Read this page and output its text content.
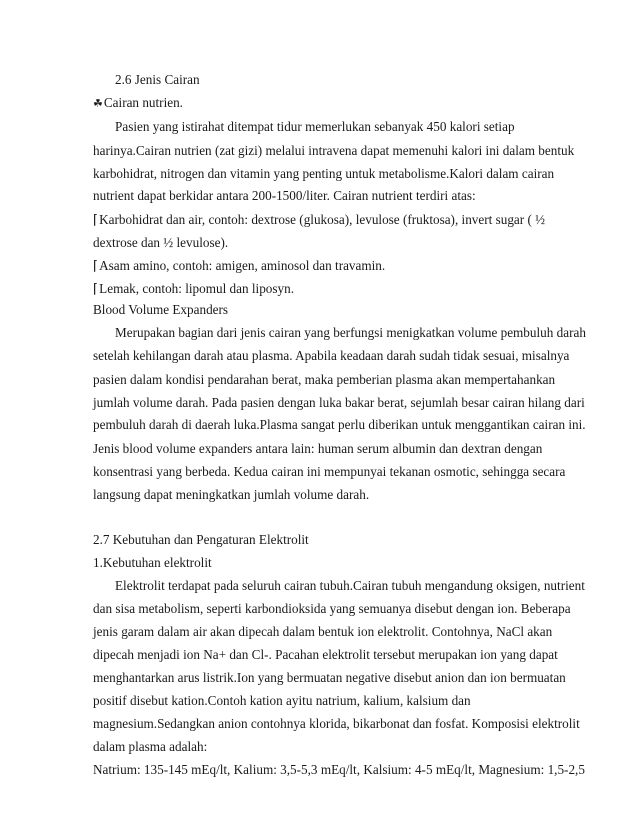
2.6 Jenis Cairan
☘Cairan nutrien.
Pasien yang istirahat ditempat tidur memerlukan sebanyak 450 kalori setiap
harinya.Cairan nutrien (zat gizi) melalui intravena dapat memenuhi kalori ini dalam bentuk
karbohidrat, nitrogen dan vitamin yang penting untuk metabolisme.Kalori dalam cairan
nutrient dapat berkidar antara 200-1500/liter. Cairan nutrient terdiri atas:
⌈Karbohidrat dan air, contoh: dextrose (glukosa), levulose (fruktosa), invert sugar ( ½
dextrose dan ½ levulose).
⌈Asam amino, contoh: amigen, aminosol dan travamin.
⌈Lemak, contoh: lipomul dan liposyn.
Blood Volume Expanders
Merupakan bagian dari jenis cairan yang berfungsi menigkatkan volume pembuluh darah
setelah kehilangan darah atau plasma. Apabila keadaan darah sudah tidak sesuai, misalnya
pasien dalam kondisi pendarahan berat, maka pemberian plasma akan mempertahankan
jumlah volume darah. Pada pasien dengan luka bakar berat, sejumlah besar cairan hilang dari
pembuluh darah di daerah luka.Plasma sangat perlu diberikan untuk menggantikan cairan ini.
Jenis blood volume expanders antara lain: human serum albumin dan dextran dengan
konsentrasi yang berbeda. Kedua cairan ini mempunyai tekanan osmotic, sehingga secara
langsung dapat meningkatkan jumlah volume darah.
2.7 Kebutuhan dan Pengaturan Elektrolit
1.Kebutuhan elektrolit
Elektrolit terdapat pada seluruh cairan tubuh.Cairan tubuh mengandung oksigen, nutrient
dan sisa metabolism, seperti karbondioksida yang semuanya disebut dengan ion. Beberapa
jenis garam dalam air akan dipecah dalam bentuk ion elektrolit. Contohnya, NaCl akan
dipecah menjadi ion Na+ dan Cl-. Pacahan elektrolit tersebut merupakan ion yang dapat
menghantarkan arus listrik.Ion yang bermuatan negative disebut anion dan ion bermuatan
positif disebut kation.Contoh kation ayitu natrium, kalium, kalsium dan
magnesium.Sedangkan anion contohnya klorida, bikarbonat dan fosfat. Komposisi elektrolit
dalam plasma adalah:
Natrium: 135-145 mEq/lt, Kalium: 3,5-5,3 mEq/lt, Kalsium: 4-5 mEq/lt, Magnesium: 1,5-2,5
